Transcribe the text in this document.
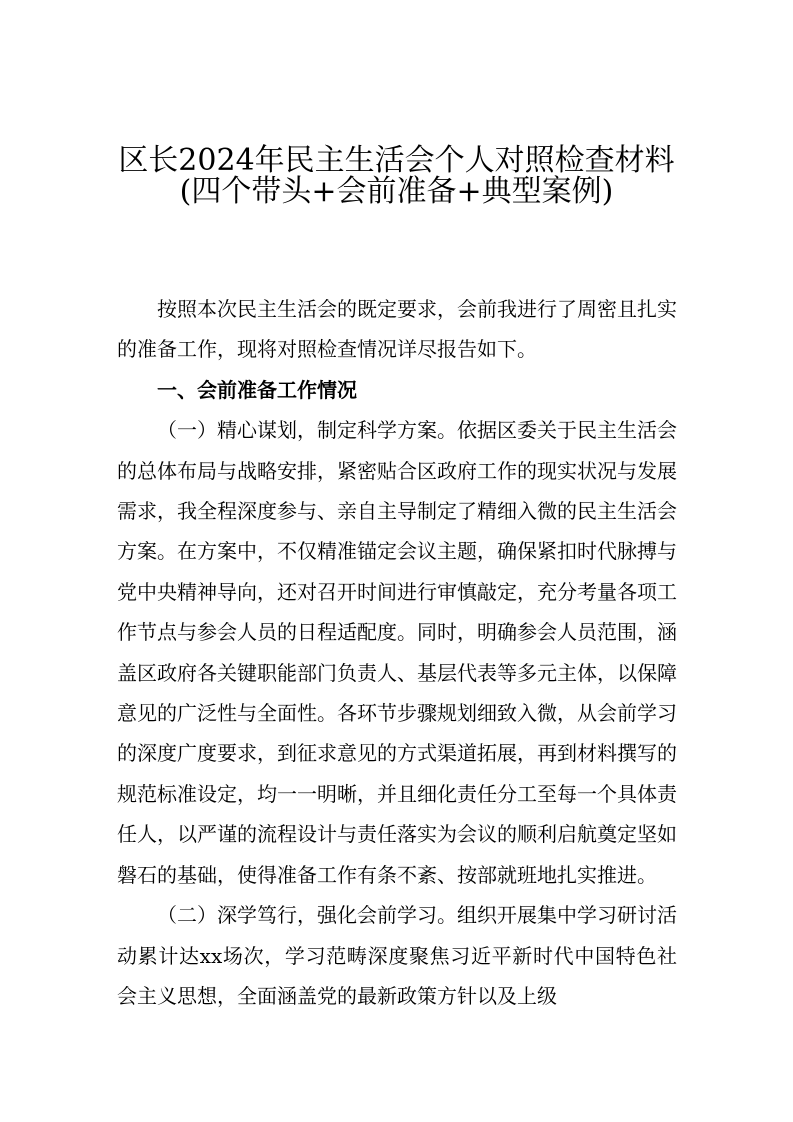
区长2024年民主生活会个人对照检查材料
(四个带头+会前准备+典型案例)

按照本次民主生活会的既定要求，会前我进行了周密且扎实的准备工作，现将对照检查情况详尽报告如下。

一、会前准备工作情况

（一）精心谋划，制定科学方案。依据区委关于民主生活会的总体布局与战略安排，紧密贴合区政府工作的现实状况与发展需求，我全程深度参与、亲自主导制定了精细入微的民主生活会方案。在方案中，不仅精准锚定会议主题，确保紧扣时代脉搏与党中央精神导向，还对召开时间进行审慎敲定，充分考量各项工作节点与参会人员的日程适配度。同时，明确参会人员范围，涵盖区政府各关键职能部门负责人、基层代表等多元主体，以保障意见的广泛性与全面性。各环节步骤规划细致入微，从会前学习的深度广度要求，到征求意见的方式渠道拓展，再到材料撰写的规范标准设定，均一一明晰，并且细化责任分工至每一个具体责任人，以严谨的流程设计与责任落实为会议的顺利启航奠定坚如磐石的基础，使得准备工作有条不紊、按部就班地扎实推进。

（二）深学笃行，强化会前学习。组织开展集中学习研讨活动累计达xx场次，学习范畴深度聚焦习近平新时代中国特色社会主义思想，全面涵盖党的最新政策方针以及上级
